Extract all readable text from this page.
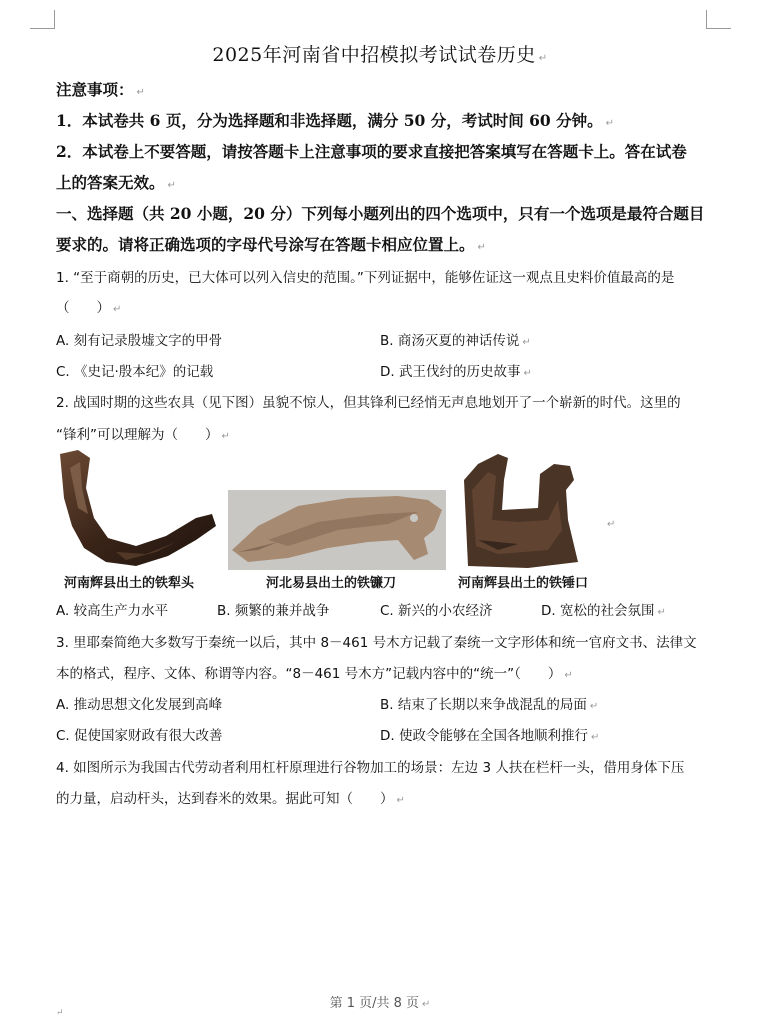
2025年河南省中招模拟考试试卷历史 ↵
注意事项： ↵
1．本试卷共 6 页，分为选择题和非选择题，满分 50 分，考试时间 60 分钟。 ↵
2．本试卷上不要答题，请按答题卡上注意事项的要求直接把答案填写在答题卡上。答在试卷
上的答案无效。 ↵
一、选择题（共 20 小题，20 分）下列每小题列出的四个选项中，只有一个选项是最符合题目
要求的。请将正确选项的字母代号涂写在答题卡相应位置上。 ↵
1. “至于商朝的历史，已大体可以列入信史的范围。”下列证据中，能够佐证这一观点且史料价值最高的是
（　　） ↵
A. 刻有记录殷墟文字的甲骨	B. 商汤灭夏的神话传说 ↵
C. 《史记·殷本纪》的记载	D. 武王伐纣的历史故事 ↵
2. 战国时期的这些农具（见下图）虽貌不惊人，但其锋利已经悄无声息地划开了一个崭新的时代。这里的
“锋利”可以理解为（　　） ↵
↵
河南辉县出土的铁犁头	河北易县出土的铁镰刀	河南辉县出土的铁锤口
A. 较高生产力水平	B. 频繁的兼并战争	C. 新兴的小农经济	D. 宽松的社会氛围 ↵
3. 里耶秦简绝大多数写于秦统一以后，其中 8－461 号木方记载了秦统一文字形体和统一官府文书、法律文
本的格式，程序、文体、称谓等内容。“8－461 号木方”记载内容中的“统一”（　　） ↵
A. 推动思想文化发展到高峰	B. 结束了长期以来争战混乱的局面 ↵
C. 促使国家财政有很大改善	D. 使政令能够在全国各地顺利推行 ↵
4. 如图所示为我国古代劳动者利用杠杆原理进行谷物加工的场景：左边 3 人扶在栏杆一头，借用身体下压
的力量，启动杆头，达到舂米的效果。据此可知（　　） ↵
第 1 页/共 8 页 ↵
↵
